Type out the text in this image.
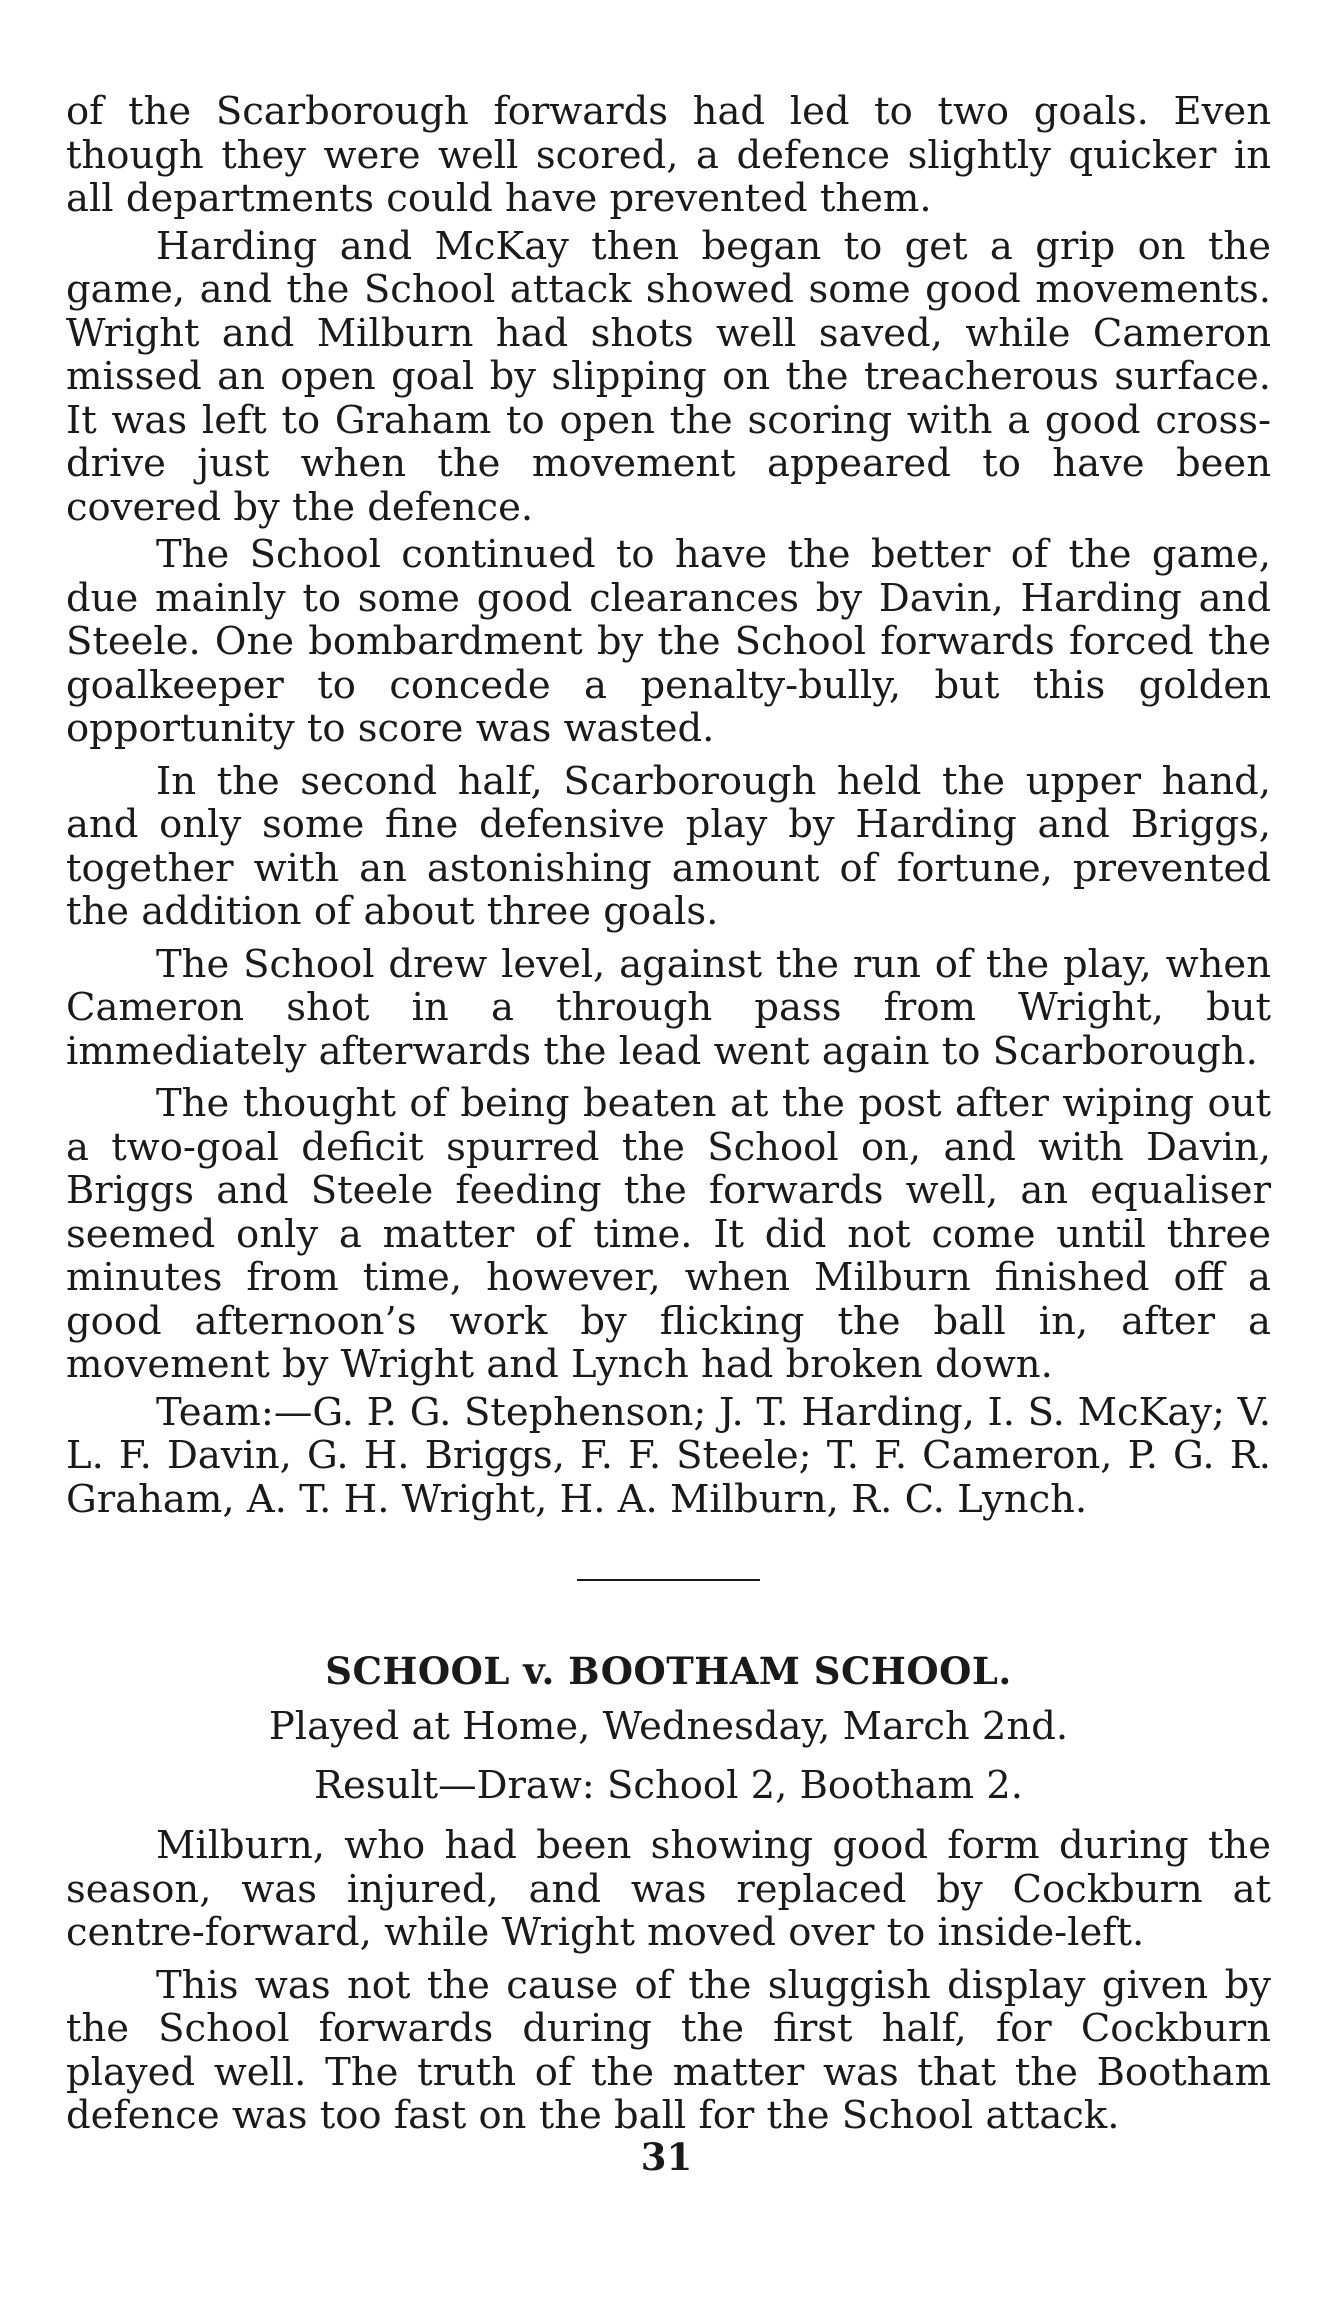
of the Scarborough forwards had led to two goals. Even though they were well scored, a defence slightly quicker in all departments could have prevented them.

Harding and McKay then began to get a grip on the game, and the School attack showed some good movements. Wright and Milburn had shots well saved, while Cameron missed an open goal by slipping on the treacherous surface. It was left to Graham to open the scoring with a good cross-drive just when the movement appeared to have been covered by the defence.

The School continued to have the better of the game, due mainly to some good clearances by Davin, Harding and Steele. One bombardment by the School forwards forced the goalkeeper to concede a penalty-bully, but this golden opportunity to score was wasted.

In the second half, Scarborough held the upper hand, and only some fine defensive play by Harding and Briggs, together with an astonishing amount of fortune, prevented the addition of about three goals.

The School drew level, against the run of the play, when Cameron shot in a through pass from Wright, but immediately afterwards the lead went again to Scarborough.

The thought of being beaten at the post after wiping out a two-goal deficit spurred the School on, and with Davin, Briggs and Steele feeding the forwards well, an equaliser seemed only a matter of time. It did not come until three minutes from time, however, when Milburn finished off a good afternoon’s work by flicking the ball in, after a movement by Wright and Lynch had broken down.

Team:—G. P. G. Stephenson; J. T. Harding, I. S. McKay; V. L. F. Davin, G. H. Briggs, F. F. Steele; T. F. Cameron, P. G. R. Graham, A. T. H. Wright, H. A. Milburn, R. C. Lynch.

SCHOOL v. BOOTHAM SCHOOL.
Played at Home, Wednesday, March 2nd.
Result—Draw: School 2, Bootham 2.

Milburn, who had been showing good form during the season, was injured, and was replaced by Cockburn at centre-forward, while Wright moved over to inside-left.

This was not the cause of the sluggish display given by the School forwards during the first half, for Cockburn played well. The truth of the matter was that the Bootham defence was too fast on the ball for the School attack.

31
